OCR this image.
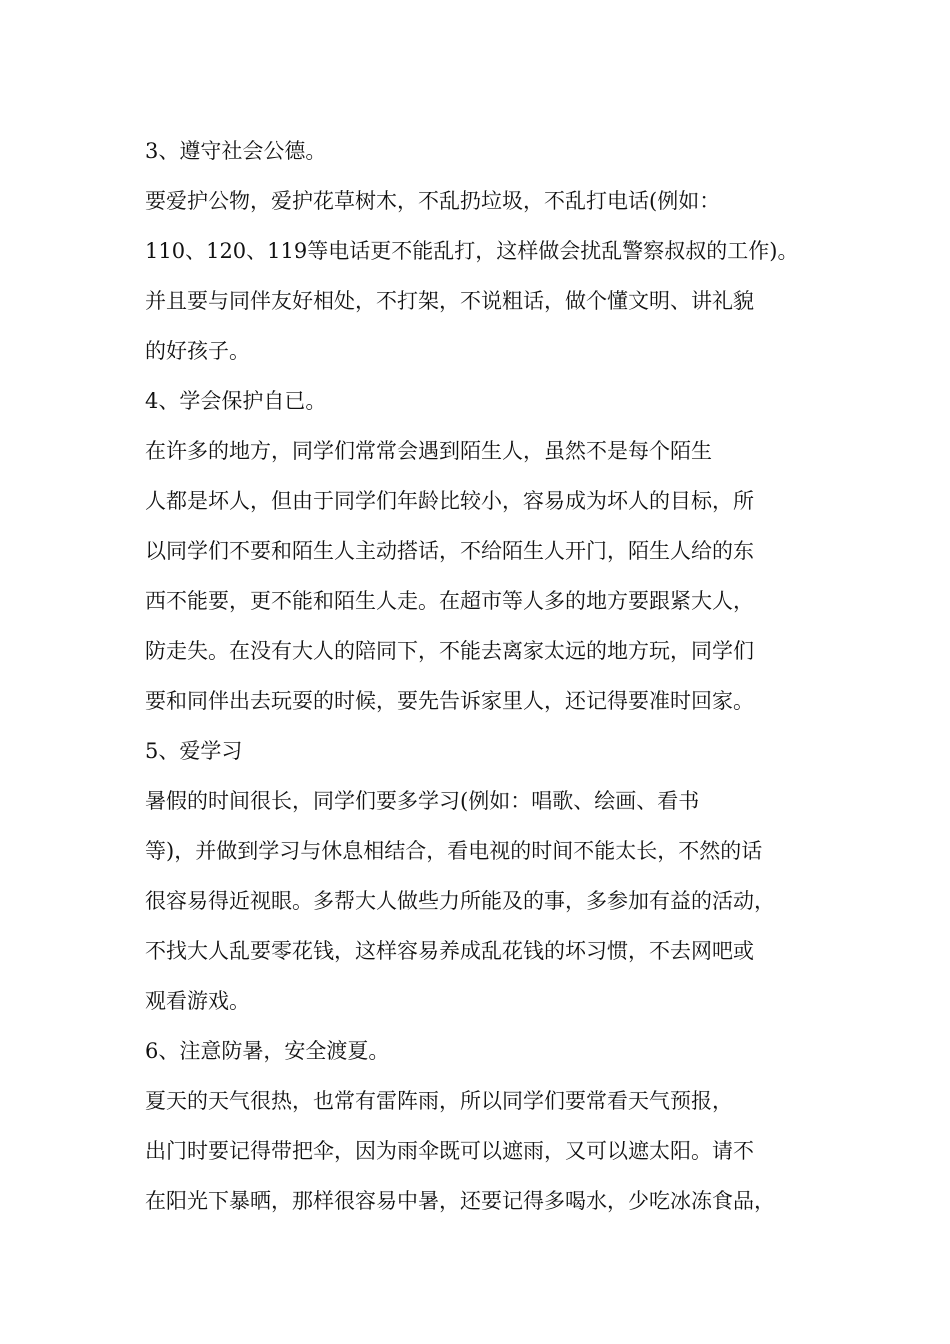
3、遵守社会公德。

要爱护公物，爱护花草树木，不乱扔垃圾，不乱打电话(例如：

110、120、119等电话更不能乱打，这样做会扰乱警察叔叔的工作)。

并且要与同伴友好相处，不打架，不说粗话，做个懂文明、讲礼貌

的好孩子。

4、学会保护自已。

在许多的地方，同学们常常会遇到陌生人，虽然不是每个陌生

人都是坏人，但由于同学们年龄比较小，容易成为坏人的目标，所

以同学们不要和陌生人主动搭话，不给陌生人开门，陌生人给的东

西不能要，更不能和陌生人走。在超市等人多的地方要跟紧大人，

防走失。在没有大人的陪同下，不能去离家太远的地方玩，同学们

要和同伴出去玩耍的时候，要先告诉家里人，还记得要准时回家。

5、爱学习

暑假的时间很长，同学们要多学习(例如：唱歌、绘画、看书

等)，并做到学习与休息相结合，看电视的时间不能太长，不然的话

很容易得近视眼。多帮大人做些力所能及的事，多参加有益的活动，

不找大人乱要零花钱，这样容易养成乱花钱的坏习惯，不去网吧或

观看游戏。

6、注意防暑，安全渡夏。

夏天的天气很热，也常有雷阵雨，所以同学们要常看天气预报，

出门时要记得带把伞，因为雨伞既可以遮雨，又可以遮太阳。请不

在阳光下暴晒，那样很容易中暑，还要记得多喝水，少吃冰冻食品，
